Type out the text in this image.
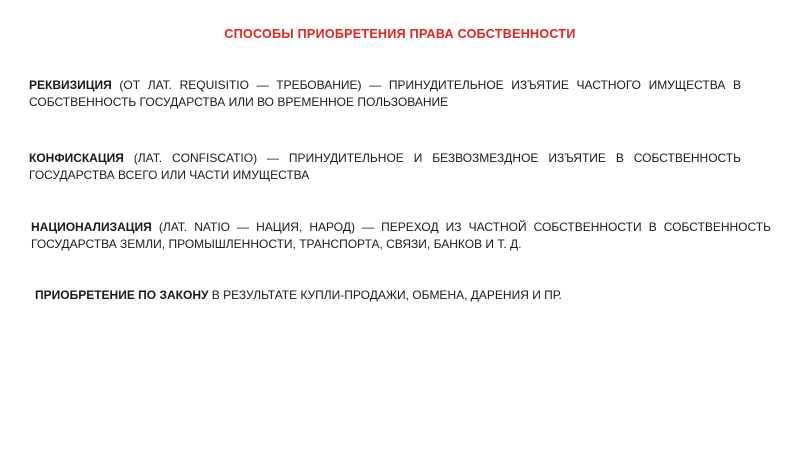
СПОСОБЫ ПРИОБРЕТЕНИЯ ПРАВА СОБСТВЕННОСТИ

РЕКВИЗИЦИЯ (ОТ ЛАТ. REQUISITIO — ТРЕБОВАНИЕ) — ПРИНУДИТЕЛЬНОЕ ИЗЪЯТИЕ ЧАСТНОГО ИМУЩЕСТВА В СОБСТВЕННОСТЬ ГОСУДАРСТВА ИЛИ ВО ВРЕМЕННОЕ ПОЛЬЗОВАНИЕ

КОНФИСКАЦИЯ (ЛАТ. CONFISCATIO) — ПРИНУДИТЕЛЬНОЕ И БЕЗВОЗМЕЗДНОЕ ИЗЪЯТИЕ В СОБСТВЕННОСТЬ ГОСУДАРСТВА ВСЕГО ИЛИ ЧАСТИ ИМУЩЕСТВА

НАЦИОНАЛИЗАЦИЯ (ЛАТ. NATIO — НАЦИЯ, НАРОД) — ПЕРЕХОД ИЗ ЧАСТНОЙ СОБСТВЕННОСТИ В СОБСТВЕННОСТЬ ГОСУДАРСТВА ЗЕМЛИ, ПРОМЫШЛЕННОСТИ, ТРАНСПОРТА, СВЯЗИ, БАНКОВ И Т. Д.

ПРИОБРЕТЕНИЕ ПО ЗАКОНУ В РЕЗУЛЬТАТЕ КУПЛИ-ПРОДАЖИ, ОБМЕНА, ДАРЕНИЯ И ПР.
